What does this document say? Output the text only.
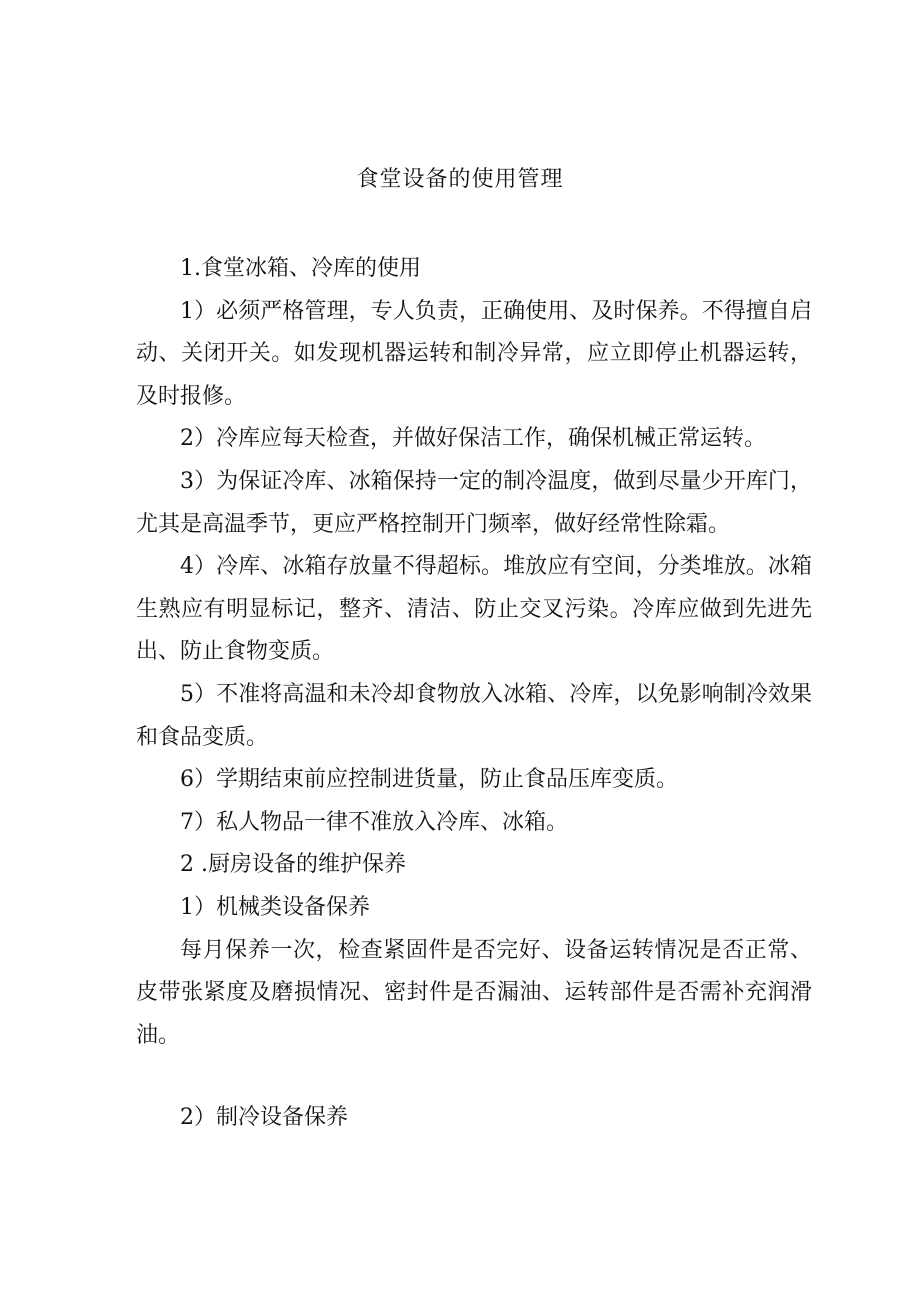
食堂设备的使用管理

1.食堂冰箱、冷库的使用

1）必须严格管理，专人负责，正确使用、及时保养。不得擅自启动、关闭开关。如发现机器运转和制冷异常，应立即停止机器运转，及时报修。

2）冷库应每天检查，并做好保洁工作，确保机械正常运转。

3）为保证冷库、冰箱保持一定的制冷温度，做到尽量少开库门，尤其是高温季节，更应严格控制开门频率，做好经常性除霜。

4）冷库、冰箱存放量不得超标。堆放应有空间，分类堆放。冰箱生熟应有明显标记，整齐、清洁、防止交叉污染。冷库应做到先进先出、防止食物变质。

5）不准将高温和未冷却食物放入冰箱、冷库，以免影响制冷效果和食品变质。

6）学期结束前应控制进货量，防止食品压库变质。

7）私人物品一律不准放入冷库、冰箱。

2 .厨房设备的维护保养

1）机械类设备保养

每月保养一次，检查紧固件是否完好、设备运转情况是否正常、皮带张紧度及磨损情况、密封件是否漏油、运转部件是否需补充润滑油。

2）制冷设备保养
